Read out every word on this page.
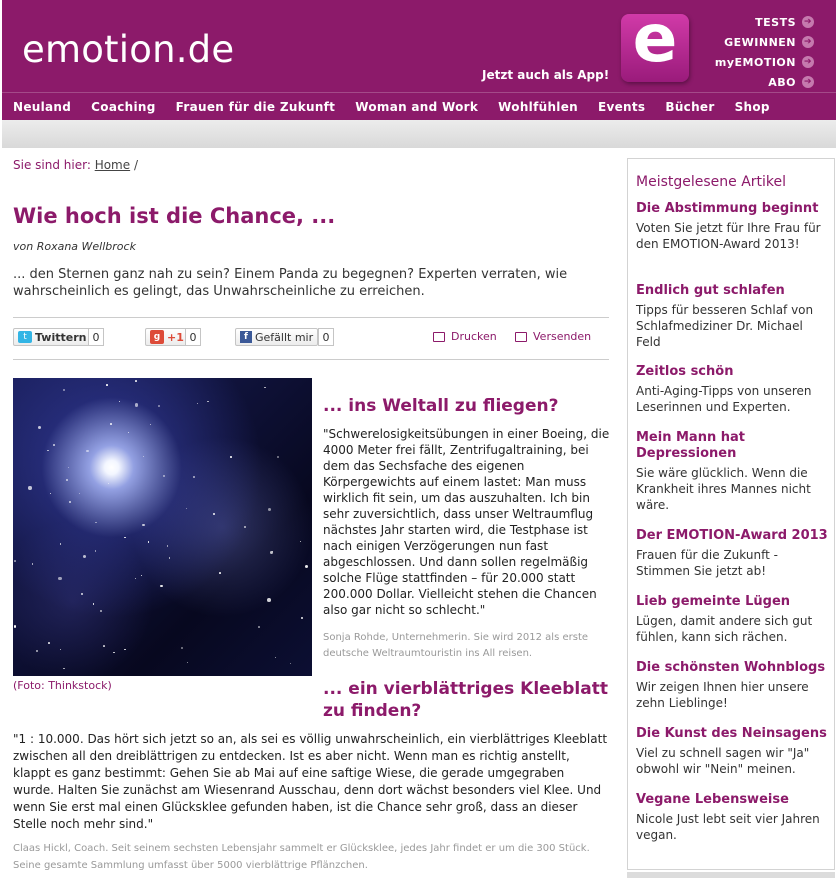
emotion.de
Jetzt auch als App! e	TESTS ➔
GEWINNEN ➔
myEMOTION ➔
ABO ➔
Neuland Coaching Frauen für die Zukunft Woman and Work Wohlfühlen Events Bücher Shop
Sie sind hier: Home /
Wie hoch ist die Chance, ...
von Roxana Wellbrock
... den Sternen ganz nah zu sein? Einem Panda zu begegnen? Experten verraten, wie wahrscheinlich es gelingt, das Unwahrscheinliche zu erreichen.
t Twittern 0	g +1 0	f Gefällt mir 0	Drucken	Versenden
(Foto: Thinkstock)
... ins Weltall zu fliegen?
"Schwerelosigkeitsübungen in einer Boeing, die 4000 Meter frei fällt, Zentrifugaltraining, bei dem das Sechsfache des eigenen Körpergewichts auf einem lastet: Man muss wirklich fit sein, um das auszuhalten. Ich bin sehr zuversichtlich, dass unser Weltraumflug nächstes Jahr starten wird, die Testphase ist nach einigen Verzögerungen nun fast abgeschlossen. Und dann sollen regelmäßig solche Flüge stattfinden – für 20.000 statt 200.000 Dollar. Vielleicht stehen die Chancen also gar nicht so schlecht."
Sonja Rohde, Unternehmerin. Sie wird 2012 als erste deutsche Weltraumtouristin ins All reisen.
... ein vierblättriges Kleeblatt zu finden?
"1 : 10.000. Das hört sich jetzt so an, als sei es völlig unwahrscheinlich, ein vierblättriges Kleeblatt zwischen all den dreiblättrigen zu entdecken. Ist es aber nicht. Wenn man es richtig anstellt, klappt es ganz bestimmt: Gehen Sie ab Mai auf eine saftige Wiese, die gerade umgegraben wurde. Halten Sie zunächst am Wiesenrand Ausschau, denn dort wächst besonders viel Klee. Und wenn Sie erst mal einen Glücksklee gefunden haben, ist die Chance sehr groß, dass an dieser Stelle noch mehr sind."
Claas Hickl, Coach. Seit seinem sechsten Lebensjahr sammelt er Glücksklee, jedes Jahr findet er um die 300 Stück. Seine gesamte Sammlung umfasst über 5000 vierblättrige Pflänzchen.
Meistgelesene Artikel
Die Abstimmung beginnt
Voten Sie jetzt für Ihre Frau für den EMOTION-Award 2013!
Endlich gut schlafen
Tipps für besseren Schlaf von Schlafmediziner Dr. Michael Feld
Zeitlos schön
Anti-Aging-Tipps von unseren Leserinnen und Experten.
Mein Mann hat Depressionen
Sie wäre glücklich. Wenn die Krankheit ihres Mannes nicht wäre.
Der EMOTION-Award 2013
Frauen für die Zukunft - Stimmen Sie jetzt ab!
Lieb gemeinte Lügen
Lügen, damit andere sich gut fühlen, kann sich rächen.
Die schönsten Wohnblogs
Wir zeigen Ihnen hier unsere zehn Lieblinge!
Die Kunst des Neinsagens
Viel zu schnell sagen wir "Ja" obwohl wir "Nein" meinen.
Vegane Lebensweise
Nicole Just lebt seit vier Jahren vegan.
